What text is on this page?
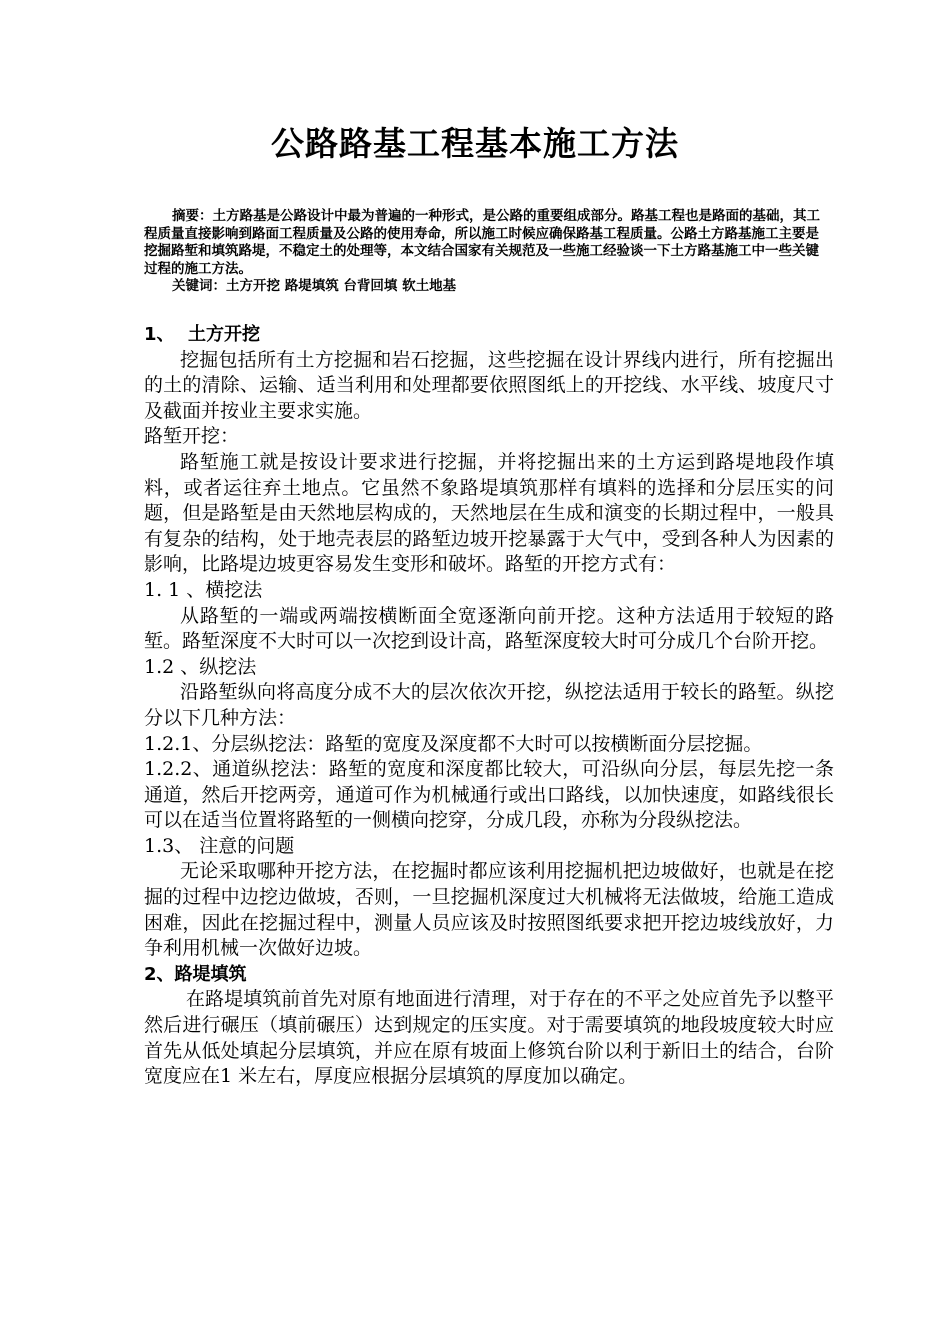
公路路基工程基本施工方法

摘要：土方路基是公路设计中最为普遍的一种形式，是公路的重要组成部分。路基工程也是路面的基础，其工程质量直接影响到路面工程质量及公路的使用寿命，所以施工时候应确保路基工程质量。公路土方路基施工主要是挖掘路堑和填筑路堤，不稳定土的处理等，本文结合国家有关规范及一些施工经验谈一下土方路基施工中一些关键过程的施工方法。

关键词：土方开挖 路堤填筑 台背回填 软土地基

1、 土方开挖

挖掘包括所有土方挖掘和岩石挖掘，这些挖掘在设计界线内进行，所有挖掘出的土的清除、运输、适当利用和处理都要依照图纸上的开挖线、水平线、坡度尺寸及截面并按业主要求实施。

路堑开挖：

路堑施工就是按设计要求进行挖掘，并将挖掘出来的土方运到路堤地段作填料，或者运往弃土地点。它虽然不象路堤填筑那样有填料的选择和分层压实的问题，但是路堑是由天然地层构成的，天然地层在生成和演变的长期过程中，一般具有复杂的结构，处于地壳表层的路堑边坡开挖暴露于大气中，受到各种人为因素的影响，比路堤边坡更容易发生变形和破坏。路堑的开挖方式有：

1. 1 、横挖法

从路堑的一端或两端按横断面全宽逐渐向前开挖。这种方法适用于较短的路堑。路堑深度不大时可以一次挖到设计高，路堑深度较大时可分成几个台阶开挖。

1.2 、纵挖法

沿路堑纵向将高度分成不大的层次依次开挖，纵挖法适用于较长的路堑。纵挖分以下几种方法：

1.2.1、分层纵挖法：路堑的宽度及深度都不大时可以按横断面分层挖掘。

1.2.2、通道纵挖法：路堑的宽度和深度都比较大，可沿纵向分层，每层先挖一条通道，然后开挖两旁，通道可作为机械通行或出口路线，以加快速度，如路线很长可以在适当位置将路堑的一侧横向挖穿，分成几段，亦称为分段纵挖法。

1.3、 注意的问题

无论采取哪种开挖方法，在挖掘时都应该利用挖掘机把边坡做好，也就是在挖掘的过程中边挖边做坡，否则，一旦挖掘机深度过大机械将无法做坡，给施工造成困难，因此在挖掘过程中，测量人员应该及时按照图纸要求把开挖边坡线放好，力争利用机械一次做好边坡。

2、路堤填筑

在路堤填筑前首先对原有地面进行清理，对于存在的不平之处应首先予以整平然后进行碾压（填前碾压）达到规定的压实度。对于需要填筑的地段坡度较大时应首先从低处填起分层填筑，并应在原有坡面上修筑台阶以利于新旧土的结合，台阶宽度应在1 米左右，厚度应根据分层填筑的厚度加以确定。
